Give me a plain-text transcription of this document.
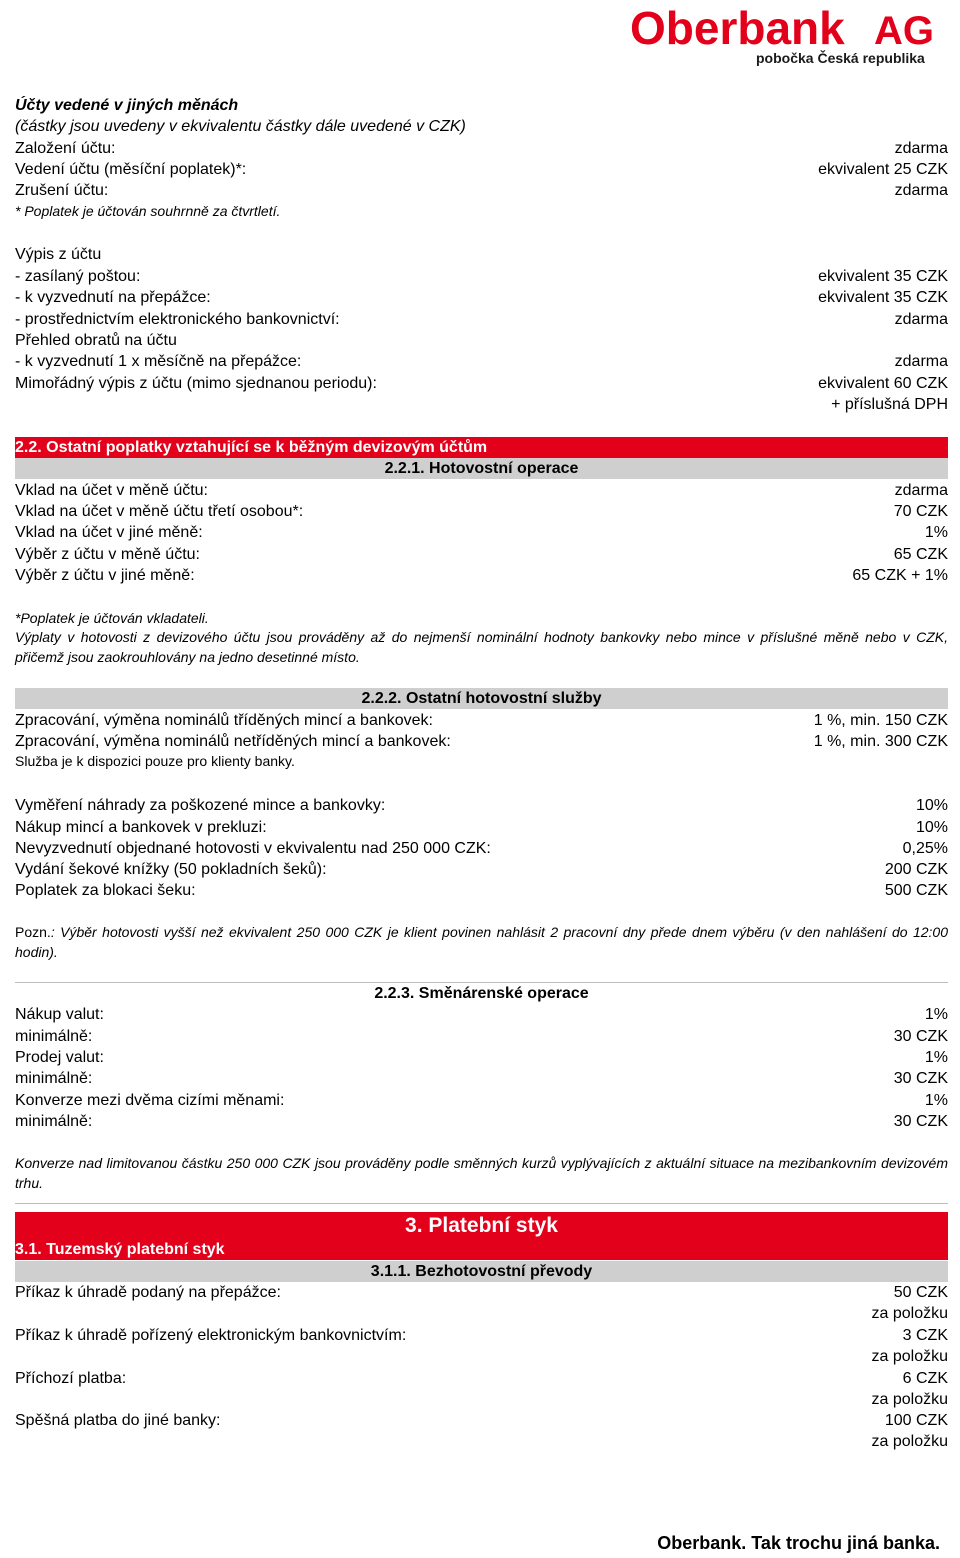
Oberbank AG
pobočka Česká republika
Účty vedené v jiných měnách
(částky jsou uvedeny v ekvivalentu částky dále uvedené v CZK)
Založení účtu:	zdarma
Vedení účtu (měsíční poplatek)*:	ekvivalent 25 CZK
Zrušení účtu:	zdarma
* Poplatek je účtován souhrnně za čtvrtletí.
Výpis z účtu
- zasílaný poštou:	ekvivalent 35 CZK
- k vyzvednutí na přepážce:	ekvivalent 35 CZK
- prostřednictvím elektronického bankovnictví:	zdarma
Přehled obratů na účtu
- k vyzvednutí 1 x měsíčně na přepážce:	zdarma
Mimořádný výpis z účtu (mimo sjednanou periodu):	ekvivalent 60 CZK
+ příslušná DPH
2.2. Ostatní poplatky vztahující se k běžným devizovým účtům
2.2.1. Hotovostní operace
Vklad na účet v měně účtu:	zdarma
Vklad na účet v měně účtu třetí osobou*:	70 CZK
Vklad na účet v jiné měně:	1%
Výběr z účtu v měně účtu:	65 CZK
Výběr z účtu v jiné měně:	65 CZK + 1%
*Poplatek je účtován vkladateli.
Výplaty v hotovosti z devizového účtu jsou prováděny až do nejmenší nominální hodnoty bankovky nebo mince v příslušné měně nebo v CZK, přičemž jsou zaokrouhlovány na jedno desetinné místo.
2.2.2. Ostatní hotovostní služby
Zpracování, výměna nominálů tříděných mincí a bankovek:	1 %, min. 150 CZK
Zpracování, výměna nominálů netříděných mincí a bankovek:	1 %, min. 300 CZK
Služba je k dispozici pouze pro klienty banky.
Vyměření náhrady za poškozené mince a bankovky:	10%
Nákup mincí a bankovek v prekluzi:	10%
Nevyzvednutí objednané hotovosti v ekvivalentu nad 250 000 CZK:	0,25%
Vydání šekové knížky (50 pokladních šeků):	200 CZK
Poplatek za blokaci šeku:	500 CZK
Pozn.: Výběr hotovosti vyšší než ekvivalent 250 000 CZK je klient povinen nahlásit 2 pracovní dny přede dnem výběru (v den nahlášení do 12:00 hodin).
2.2.3. Směnárenské operace
Nákup valut:	1%
minimálně:	30 CZK
Prodej valut:	1%
minimálně:	30 CZK
Konverze mezi dvěma cizími měnami:	1%
minimálně:	30 CZK
Konverze nad limitovanou částku 250 000 CZK jsou prováděny podle směnných kurzů vyplývajících z aktuální situace na mezibankovním devizovém trhu.
3. Platební styk
3.1. Tuzemský platební styk
3.1.1. Bezhotovostní převody
Příkaz k úhradě podaný na přepážce:	50 CZK
za položku
Příkaz k úhradě pořízený elektronickým bankovnictvím:	3 CZK
za položku
Příchozí platba:	6 CZK
za položku
Spěšná platba do jiné banky:	100 CZK
za položku
Oberbank. Tak trochu jiná banka.
